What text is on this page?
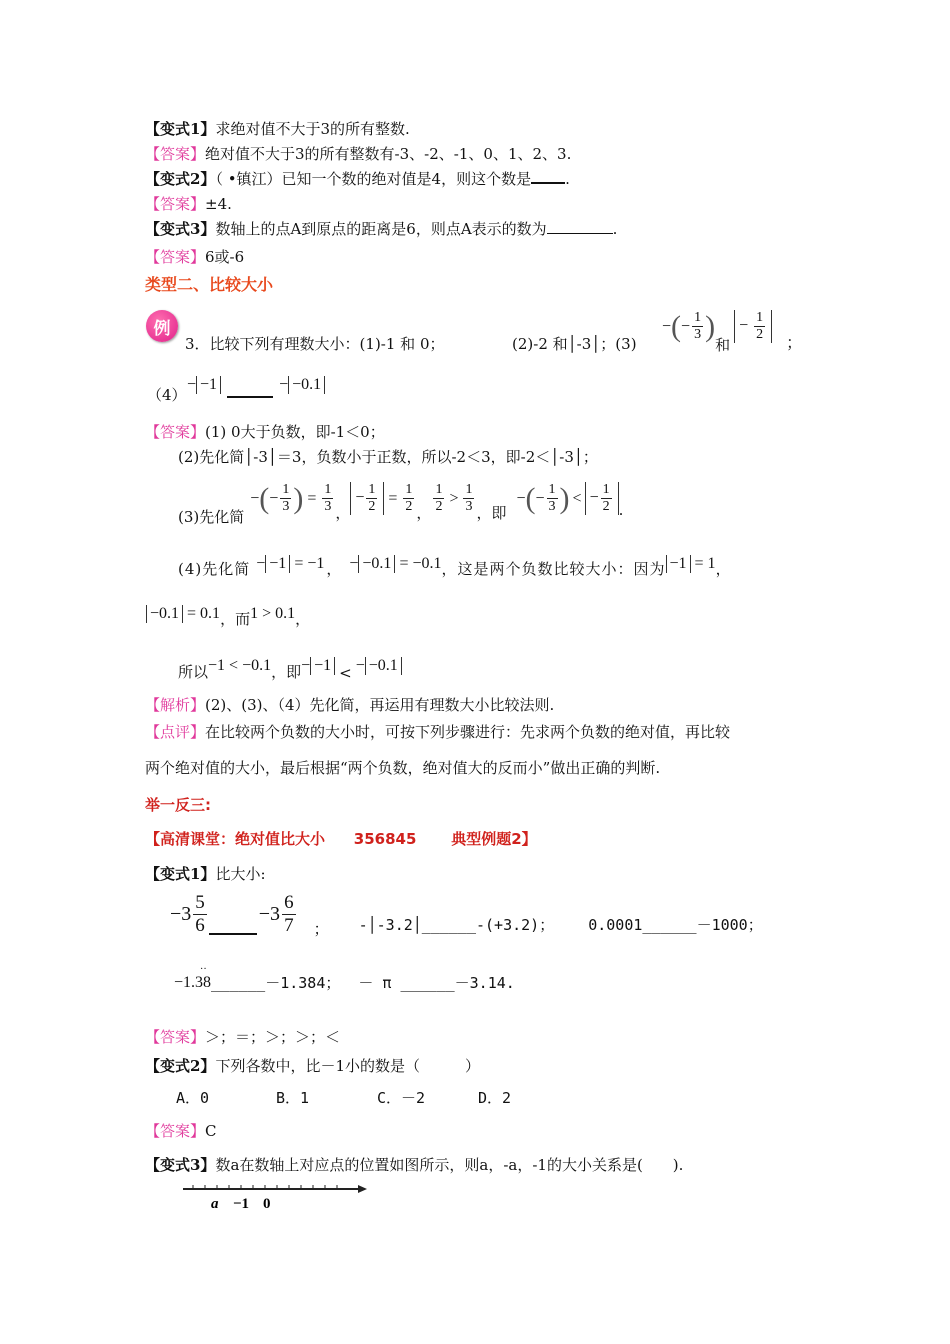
【变式1】求绝对值不大于3的所有整数.
【答案】绝对值不大于3的所有整数有-3、-2、-1、0、1、2、3.
【变式2】（ •镇江）已知一个数的绝对值是4，则这个数是 .
【答案】±4.
【变式3】数轴上的点A到原点的距离是6，则点A表示的数为	.
【答案】6或-6
类型二、比较大小
例
3．比较下列有理数大小：(1)-1 和 0；	(2)-2 和│-3│；(3)
− ( − $\frac{1}{3}$ )
和
− $\frac{1}{2}$
；
（4）
− −1	− −0.1
【答案】(1) 0大于负数，即-1＜0；
(2)先化简│-3│＝3，负数小于正数，所以-2＜3，即-2＜│-3│；
(3)先化简
− ( − $\frac{1}{3}$ ) = $\frac{1}{3}$ ，
− $\frac{1}{2} = \frac{1}{2}$ ， $\frac{1}{2} > \frac{1}{3}$ ，即
− ( − $\frac{1}{3}$ ) < − $\frac{1}{2}$ .
(4)先化简 − −1 = −1 ， − −0.1 = −0.1 ，这是两个负数比较大小：因为 −1 = 1 ，
−0.1 = 0.1 ，而 1 > 0.1 ，
所以 −1 < −0.1 ，即 − −1 < − −0.1
【解析】(2)、(3)、（4）先化简，再运用有理数大小比较法则.
【点评】在比较两个负数的大小时，可按下列步骤进行：先求两个负数的绝对值，再比较
两个绝对值的大小，最后根据“两个负数，绝对值大的反而小”做出正确的判断.
举一反三:
【高清课堂：绝对值比大小 356845 典型例题2】
【变式1】比大小:
$-3 \frac{5}{6}$	$-3 \frac{6}{7}$ ； -│-3.2│______-(+3.2)； 0.0001______－1000；
−1.38
··
______－1.384； － π ______－3.14.
【答案】＞；＝；＞；＞；＜
【变式2】下列各数中，比－1小的数是（　　　）
A．0	B．1	C．－2	D．2
【答案】C
【变式3】数a在数轴上对应点的位置如图所示，则a，-a，-1的大小关系是(　　).
a −1 0
